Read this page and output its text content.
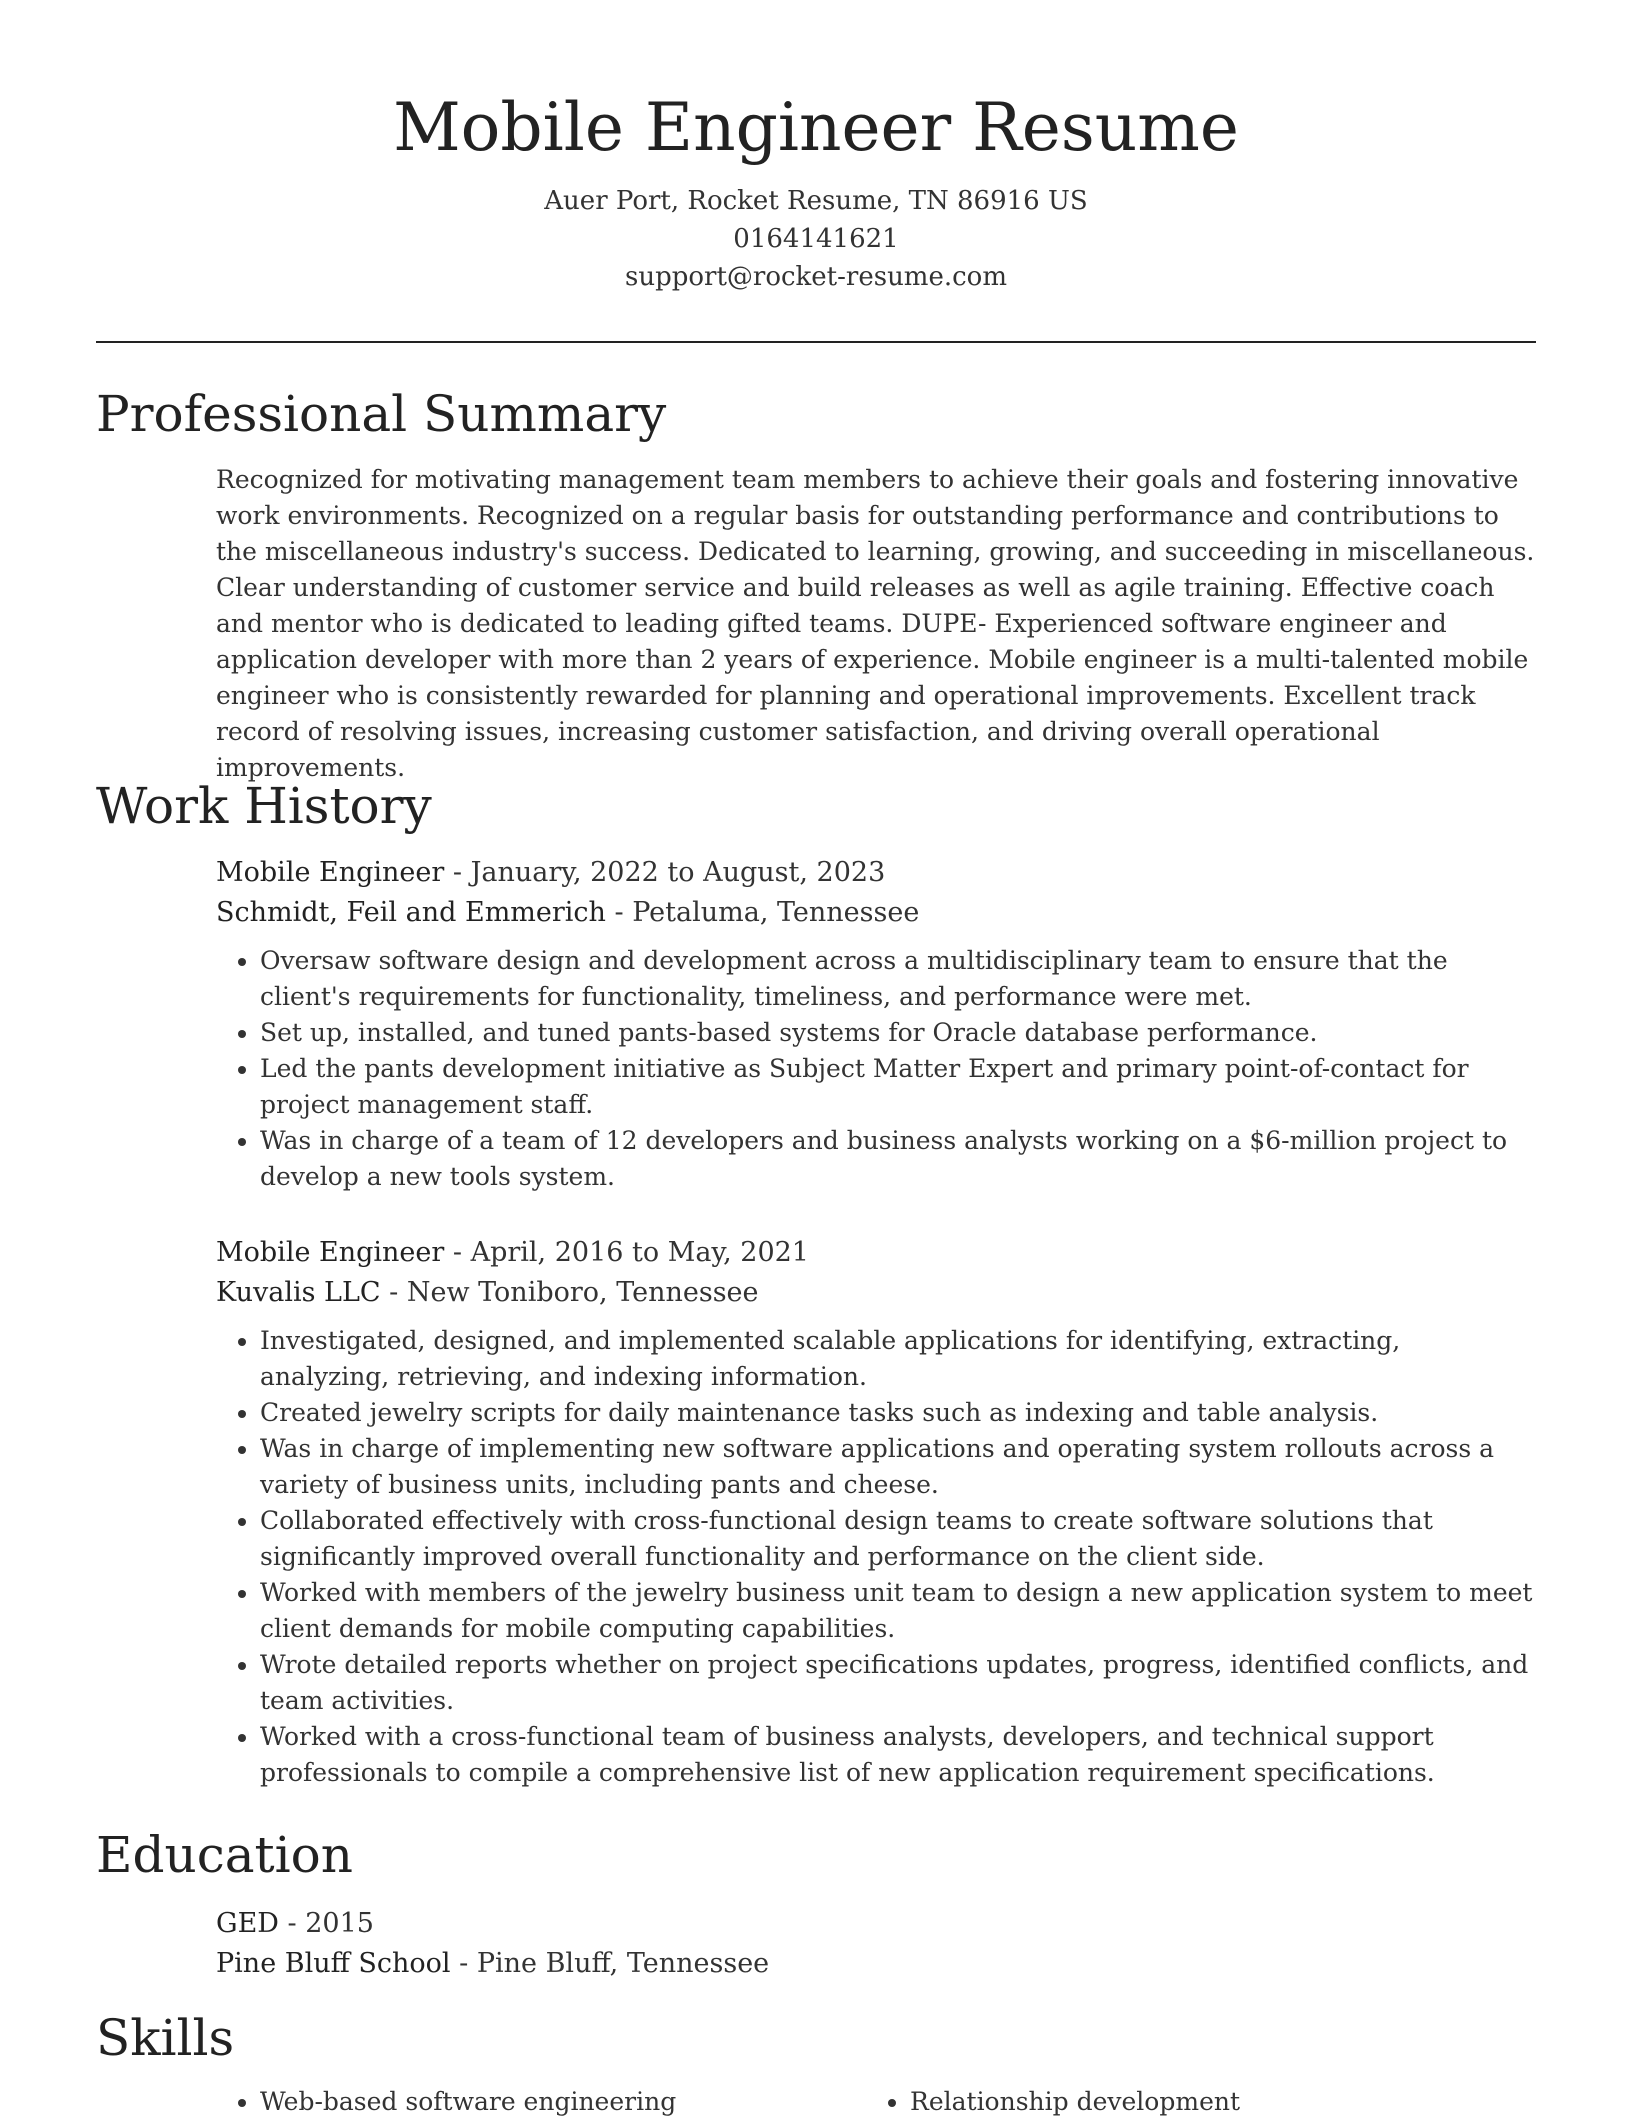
Mobile Engineer Resume

Auer Port, Rocket Resume, TN 86916 US

0164141621

support@rocket-resume.com

Professional Summary

Recognized for motivating management team members to achieve their goals and fostering innovative work environments. Recognized on a regular basis for outstanding performance and contributions to the miscellaneous industry's success. Dedicated to learning, growing, and succeeding in miscellaneous. Clear understanding of customer service and build releases as well as agile training. Effective coach and mentor who is dedicated to leading gifted teams. DUPE- Experienced software engineer and application developer with more than 2 years of experience. Mobile engineer is a multi-talented mobile engineer who is consistently rewarded for planning and operational improvements. Excellent track record of resolving issues, increasing customer satisfaction, and driving overall operational improvements.

Work History

Mobile Engineer - January, 2022 to August, 2023

Schmidt, Feil and Emmerich - Petaluma, Tennessee

• Oversaw software design and development across a multidisciplinary team to ensure that the client's requirements for functionality, timeliness, and performance were met.
• Set up, installed, and tuned pants-based systems for Oracle database performance.
• Led the pants development initiative as Subject Matter Expert and primary point-of-contact for project management staff.
• Was in charge of a team of 12 developers and business analysts working on a $6-million project to develop a new tools system.

Mobile Engineer - April, 2016 to May, 2021

Kuvalis LLC - New Toniboro, Tennessee

• Investigated, designed, and implemented scalable applications for identifying, extracting, analyzing, retrieving, and indexing information.
• Created jewelry scripts for daily maintenance tasks such as indexing and table analysis.
• Was in charge of implementing new software applications and operating system rollouts across a variety of business units, including pants and cheese.
• Collaborated effectively with cross-functional design teams to create software solutions that significantly improved overall functionality and performance on the client side.
• Worked with members of the jewelry business unit team to design a new application system to meet client demands for mobile computing capabilities.
• Wrote detailed reports whether on project specifications updates, progress, identified conflicts, and team activities.
• Worked with a cross-functional team of business analysts, developers, and technical support professionals to compile a comprehensive list of new application requirement specifications.
Education

GED - 2015

Pine Bluff School - Pine Bluff, Tennessee

Skills
• Web-based software engineering
•	Relationship development
